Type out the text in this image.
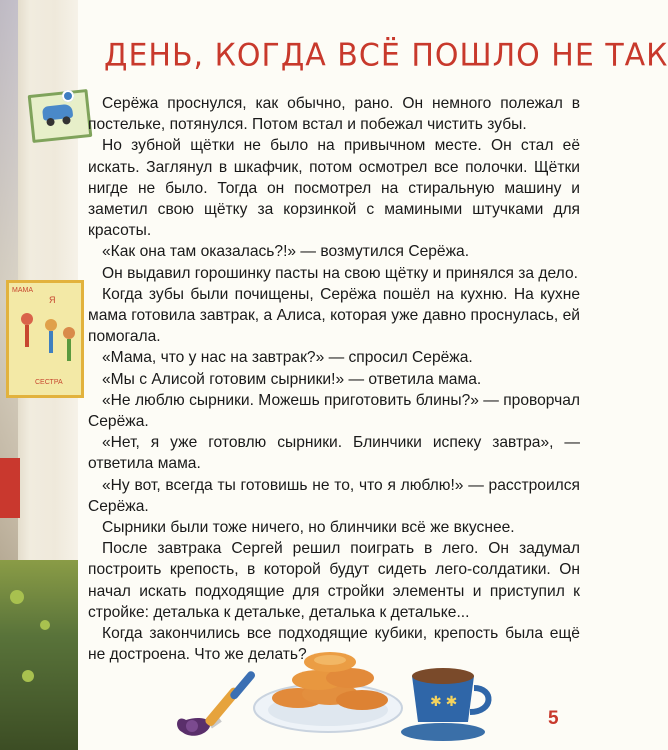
МАМА
Я
СЕСТРА
ДЕНЬ, КОГДА ВСЁ ПОШЛО НЕ ТАК

Серёжа проснулся, как обычно, рано. Он немного полежал в постельке, потянулся. Потом встал и побежал чистить зубы.

Но зубной щётки не было на привычном месте. Он стал её искать. Заглянул в шкафчик, потом осмотрел все полочки. Щётки нигде не было. Тогда он посмотрел на стиральную машину и заметил свою щётку за корзинкой с мамиными штучками для красоты.

«Как она там оказалась?!» — возмутился Серёжа.

Он выдавил горошинку пасты на свою щётку и принялся за дело.

Когда зубы были почищены, Серёжа пошёл на кухню. На кухне мама готовила завтрак, а Алиса, которая уже давно проснулась, ей помогала.

«Мама, что у нас на завтрак?» — спросил Серёжа.

«Мы с Алисой готовим сырники!» — ответила мама.

«Не люблю сырники. Можешь приготовить блины?» — проворчал Серёжа.

«Нет, я уже готовлю сырники. Блинчики испеку завтра», — ответила мама.

«Ну вот, всегда ты готовишь не то, что я люблю!» — расстроился Серёжа.

Сырники были тоже ничего, но блинчики всё же вкуснее.

После завтрака Сергей решил поиграть в лего. Он задумал построить крепость, в которой будут сидеть лего-солдатики. Он начал искать подходящие для стройки элементы и приступил к стройке: деталька к детальке, деталька к детальке...

Когда закончились все подходящие кубики, крепость была ещё не достроена. Что же делать?

✱ ✱
5
